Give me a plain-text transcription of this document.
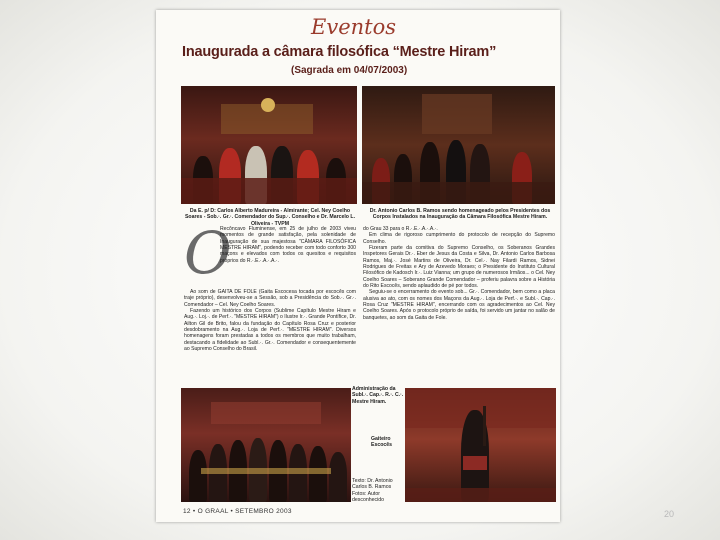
Eventos
Inaugurada a câmara filosófica “Mestre Hiram”
(Sagrada em 04/07/2003)
Da E. p/ D: Carlos Alberto Madureira - Almirante; Cel. Ney Coelho Soares - Sob.·. Gr.·. Comendador do Sup.·. Conselho e Dr. Marcelo L. Oliveira - TVPM
Dr. Antonio Carlos B. Ramos sendo homenageado pelos Presidentes dos Corpos Instalados na Inauguração da Câmara Filosófica Mestre Hiram.
O

Recôncavo Fluminense, em 25 de julho de 2003 viveu momentos de grande satisfação, pela solenidade de Inauguração de sua majestosa "CÂMARA FILOSÓFICA MESTRE HIRAM", podendo receber com todo conforto 300 maçons e elevados com todos os quesitos e requisitos próprios do R.·.E.·.A.·.A.·.

Ao som de GAITA DE FOLE (Gaita Escocesa tocada por escocês com traje próprio), desenvolveu-se a Sessão, sob a Presidência do Sob.·. Gr.·. Comendador – Cel. Ney Coelho Soares.

Fazendo um histórico dos Corpos (Sublime Capítulo Mestre Hiram e Aug.·. Loj.·. de Perf.·. "MESTRE HIRAM") o Ilustre Ir.·. Grande Pontífice, Dr. Ailton Gil de Brito, falou da fundação do Capítulo Rosa Cruz e posterior desdobramento na Aug.·. Loja de Perf.·. "MESTRE HIRAM". Diversos homenagens foram prestadas a todos os membros que muito trabalham, destacando a fidelidade ao Subl.·. Gr.·. Comendador e consequentemente ao Supremo Conselho do Brasil.

do Grau 33 para o R.·.E.·.A.·.A.·.

Em clima de rigoroso cumprimento do protocolo de recepção do Supremo Conselho.

Fizeram parte da comitiva do Supremo Conselho, os Soberanos Grandes Inspetores Gerais Dr.·. Eber de Jesus da Costa e Silva, Dr. Antonio Carlos Barbosa Ramos, Maj.·. José Martins de Oliveira, Dr. Cel.·. Nay Filardi Ramos, Sidnei Rodrigues de Freitas e Ary de Azevedo Moraes; o Presidente do Instituto Cultural Filosófico de Kadosch Ir.·. Luiz Vianna; um grupo de numerosos Irmãos... o Cel. Ney Coelho Soares – Soberano Grande Comendador – proferiu palavra sobre a História do Rito Escocês, sendo aplaudido de pé por todos.

Seguiu-se o encerramento do evento sob... Gr.·. Comendador, bem como a placa alusiva ao ato, com os nomes dos Maçons da Aug.·. Loja de Perf.·. e Subl.·. Cap.·. Rosa Cruz "MESTRE HIRAM", encerrando com os agradecimentos ao Cel. Ney Coelho Soares. Após o protocolo próprio de saída, foi servido um jantar no salão de banquetes, ao som da Gaita de Fole.

Administração da Subl.·. Cap.·. R.·. C.·. Mestre Hiram.
Gaiteiro Escocês
Texto: Dr. Antonio Carlos B. Ramos Fotos: Autor desconhecido
12 • O GRAAL • SETEMBRO 2003	20
